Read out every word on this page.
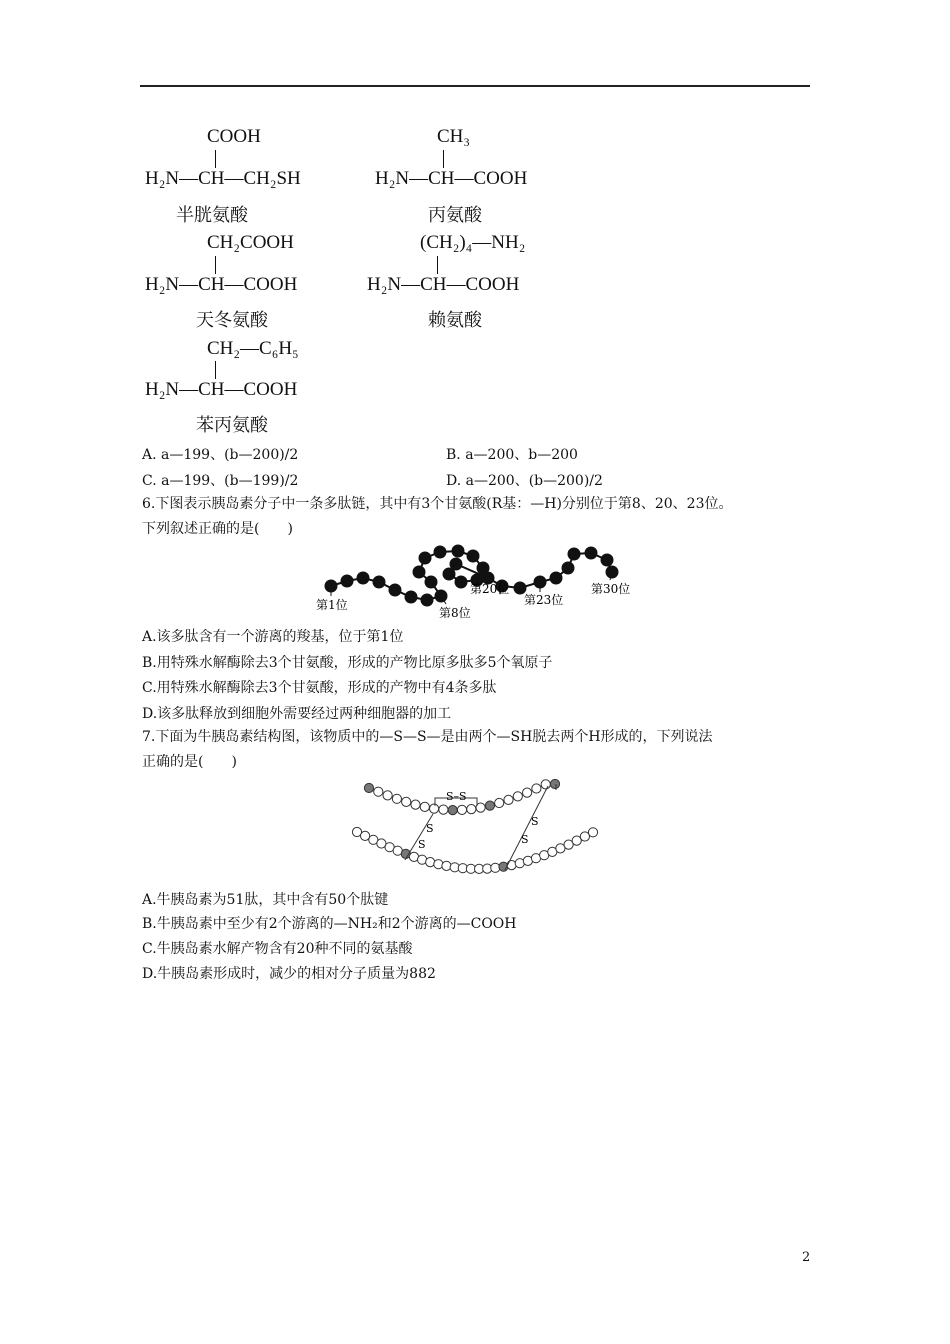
COOH
H₂N—CH—CH₂SH
半胱氨酸
CH₃
H₂N—CH—COOH
丙氨酸
CH₂COOH
H₂N—CH—COOH
天冬氨酸
(CH₂)₄—NH₂
H₂N—CH—COOH
赖氨酸
CH₂—C₆H₅
H₂N—CH—COOH
苯丙氨酸
A. a—199、(b—200)/2	B. a—200、b—200
C. a—199、(b—199)/2	D. a—200、(b—200)/2
6.下图表示胰岛素分子中一条多肽链，其中有3个甘氨酸(R基：—H)分别位于第8、20、23位。
下列叙述正确的是(　　)
第1位
第8位
第20位
第23位
第30位
A.该多肽含有一个游离的羧基，位于第1位
B.用特殊水解酶除去3个甘氨酸，形成的产物比原多肽多5个氧原子
C.用特殊水解酶除去3个甘氨酸，形成的产物中有4条多肽
D.该多肽释放到细胞外需要经过两种细胞器的加工
7.下面为牛胰岛素结构图，该物质中的—S—S—是由两个—SH脱去两个H形成的，下列说法
正确的是(　　)
S–S
S
S
S
S
A.牛胰岛素为51肽，其中含有50个肽键
B.牛胰岛素中至少有2个游离的—NH₂和2个游离的—COOH
C.牛胰岛素水解产物含有20种不同的氨基酸
D.牛胰岛素形成时，减少的相对分子质量为882
2
